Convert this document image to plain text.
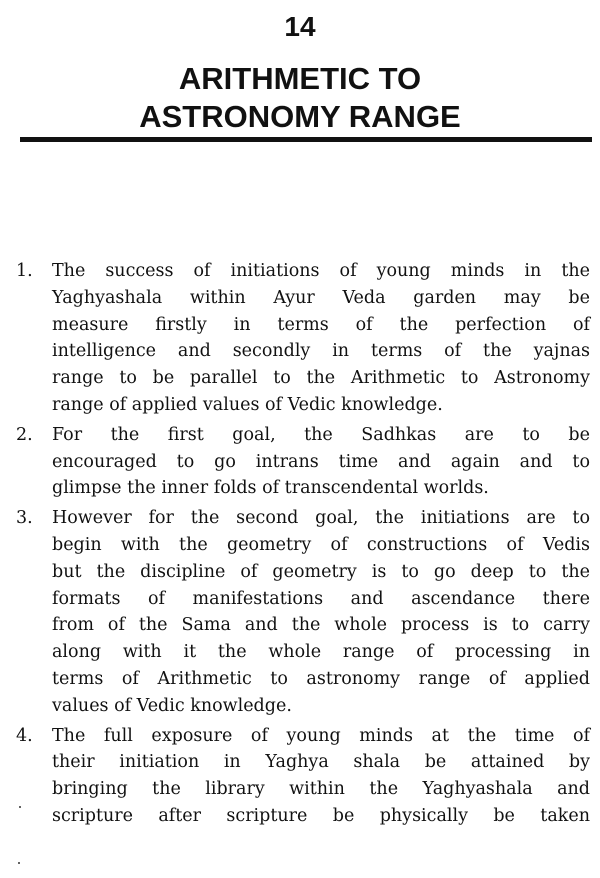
14
ARITHMETIC TO
ASTRONOMY RANGE
1.	The success of initiations of young minds in the
Yaghyashala within Ayur Veda garden may be
measure firstly in terms of the perfection of
intelligence and secondly in terms of the yajnas
range to be parallel to the Arithmetic to Astronomy
range of applied values of Vedic knowledge.
2.	For the first goal, the Sadhkas are to be
encouraged to go intrans time and again and to
glimpse the inner folds of transcendental worlds.
3.	However for the second goal, the initiations are to
begin with the geometry of constructions of Vedis
but the discipline of geometry is to go deep to the
formats of manifestations and ascendance there
from of the Sama and the whole process is to carry
along with it the whole range of processing in
terms of Arithmetic to astronomy range of applied
values of Vedic knowledge.
4.	The full exposure of young minds at the time of
their initiation in Yaghya shala be attained by
bringing the library within the Yaghyashala and
scripture after scripture be physically be taken
